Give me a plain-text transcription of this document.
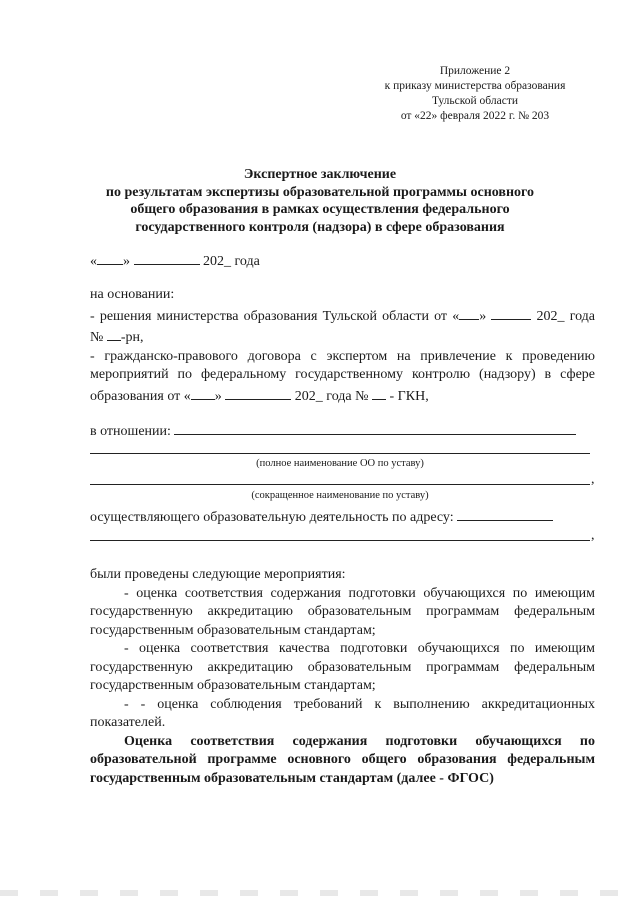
Приложение 2
к приказу министерства образования
Тульской области
от «22» февраля 2022 г. № 203
Экспертное заключение
по результатам экспертизы образовательной программы основного
общего образования в рамках осуществления федерального
государственного контроля (надзора) в сфере образования
« »	202_ года
на основании:
- решения министерства образования Тульской области от « »	202_ года № -рн,
- гражданско-правового договора с экспертом на привлечение к проведению мероприятий по федеральному государственному контролю (надзору) в сфере образования от « »	202_ года № - ГКН,
в отношении:
(полное наименование ОО по уставу)
,
(сокращенное наименование по уставу)
осуществляющего образовательную деятельность по адресу:
,
были проведены следующие мероприятия:
- оценка соответствия содержания подготовки обучающихся по имеющим государственную аккредитацию образовательным программам федеральным государственным образовательным стандартам;
- оценка соответствия качества подготовки обучающихся по имеющим государственную аккредитацию образовательным программам федеральным государственным образовательным стандартам;
- - оценка соблюдения требований к выполнению аккредитационных показателей.
Оценка соответствия содержания подготовки обучающихся по образовательной программе основного общего образования федеральным государственным образовательным стандартам (далее - ФГОС)
